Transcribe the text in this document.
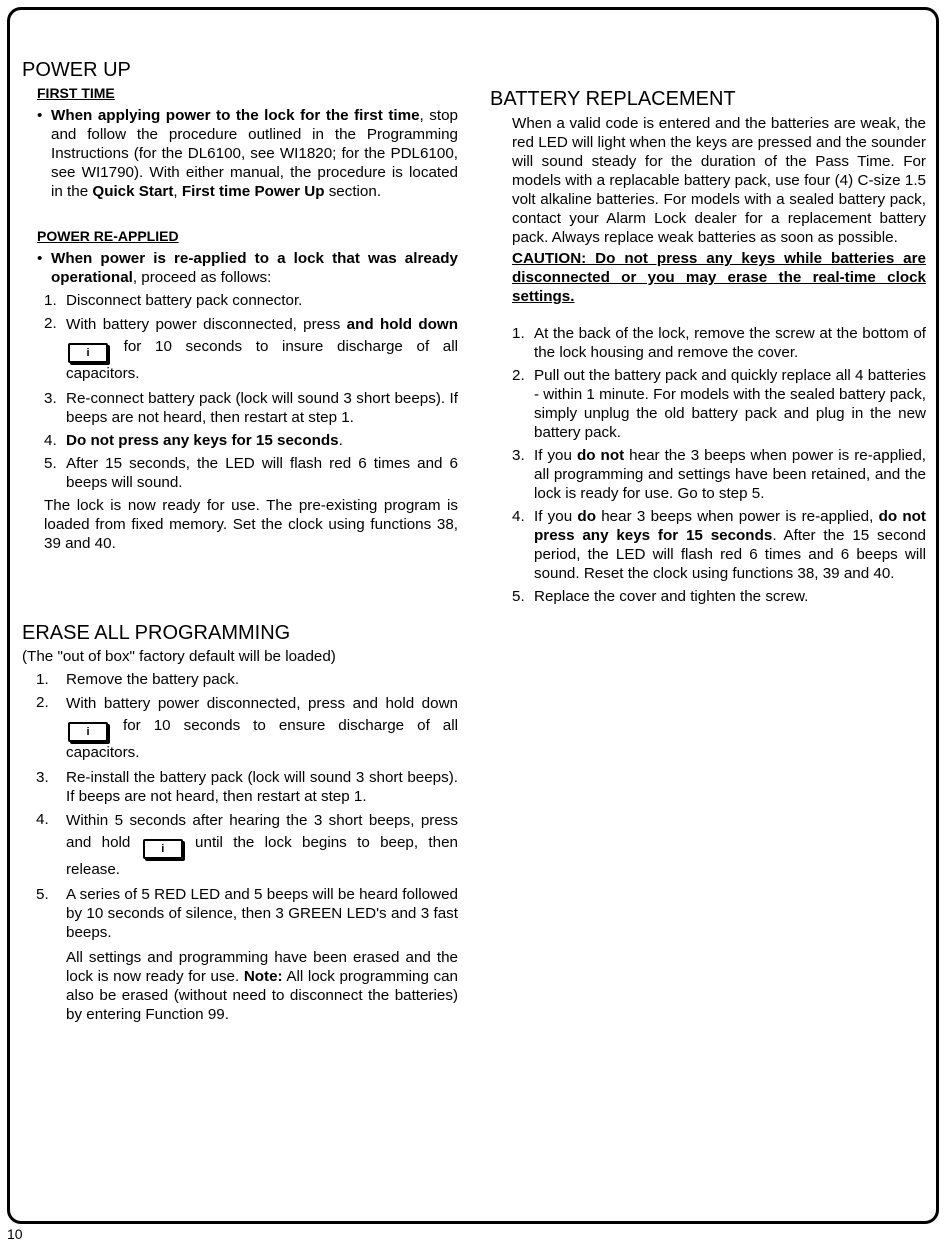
POWER UP
FIRST TIME
• When applying power to the lock for the first time, stop and follow the procedure outlined in the Programming Instructions (for the DL6100, see WI1820; for the PDL6100, see WI1790). With either manual, the procedure is located in the Quick Start, First time Power Up section.
POWER RE-APPLIED
• When power is re-applied to a lock that was already operational, proceed as follows:
1. Disconnect battery pack connector.
2. With battery power disconnected, press and hold down i for 10 seconds to insure discharge of all capacitors.
3. Re-connect battery pack (lock will sound 3 short beeps). If beeps are not heard, then restart at step 1.
4. Do not press any keys for 15 seconds.
5. After 15 seconds, the LED will flash red 6 times and 6 beeps will sound.
The lock is now ready for use. The pre-existing program is loaded from fixed memory. Set the clock using functions 38, 39 and 40.
ERASE ALL PROGRAMMING
(The "out of box" factory default will be loaded)
1.	Remove the battery pack.
2.	With battery power disconnected, press and hold down i for 10 seconds to ensure discharge of all capacitors.
3.	Re-install the battery pack (lock will sound 3 short beeps). If beeps are not heard, then restart at step 1.
4.	Within 5 seconds after hearing the 3 short beeps, press and hold i until the lock begins to beep, then release.
5.	A series of 5 RED LED and 5 beeps will be heard followed by 10 seconds of silence, then 3 GREEN LED's and 3 fast beeps.
All settings and programming have been erased and the lock is now ready for use. Note: All lock programming can also be erased (without need to disconnect the batteries) by entering Function 99.
BATTERY REPLACEMENT
When a valid code is entered and the batteries are weak, the red LED will light when the keys are pressed and the sounder will sound steady for the duration of the Pass Time. For models with a replacable battery pack, use four (4) C-size 1.5 volt alkaline batteries. For models with a sealed battery pack, contact your Alarm Lock dealer for a replacement battery pack. Always replace weak batteries as soon as possible.
CAUTION: Do not press any keys while batteries are disconnected or you may erase the real-time clock settings.
1. At the back of the lock, remove the screw at the bottom of the lock housing and remove the cover.
2. Pull out the battery pack and quickly replace all 4 batteries - within 1 minute. For models with the sealed battery pack, simply unplug the old battery pack and plug in the new battery pack.
3. If you do not hear the 3 beeps when power is re-applied, all programming and settings have been retained, and the lock is ready for use. Go to step 5.
4. If you do hear 3 beeps when power is re-applied, do not press any keys for 15 seconds. After the 15 second period, the LED will flash red 6 times and 6 beeps will sound. Reset the clock using functions 38, 39 and 40.
5. Replace the cover and tighten the screw.
10
